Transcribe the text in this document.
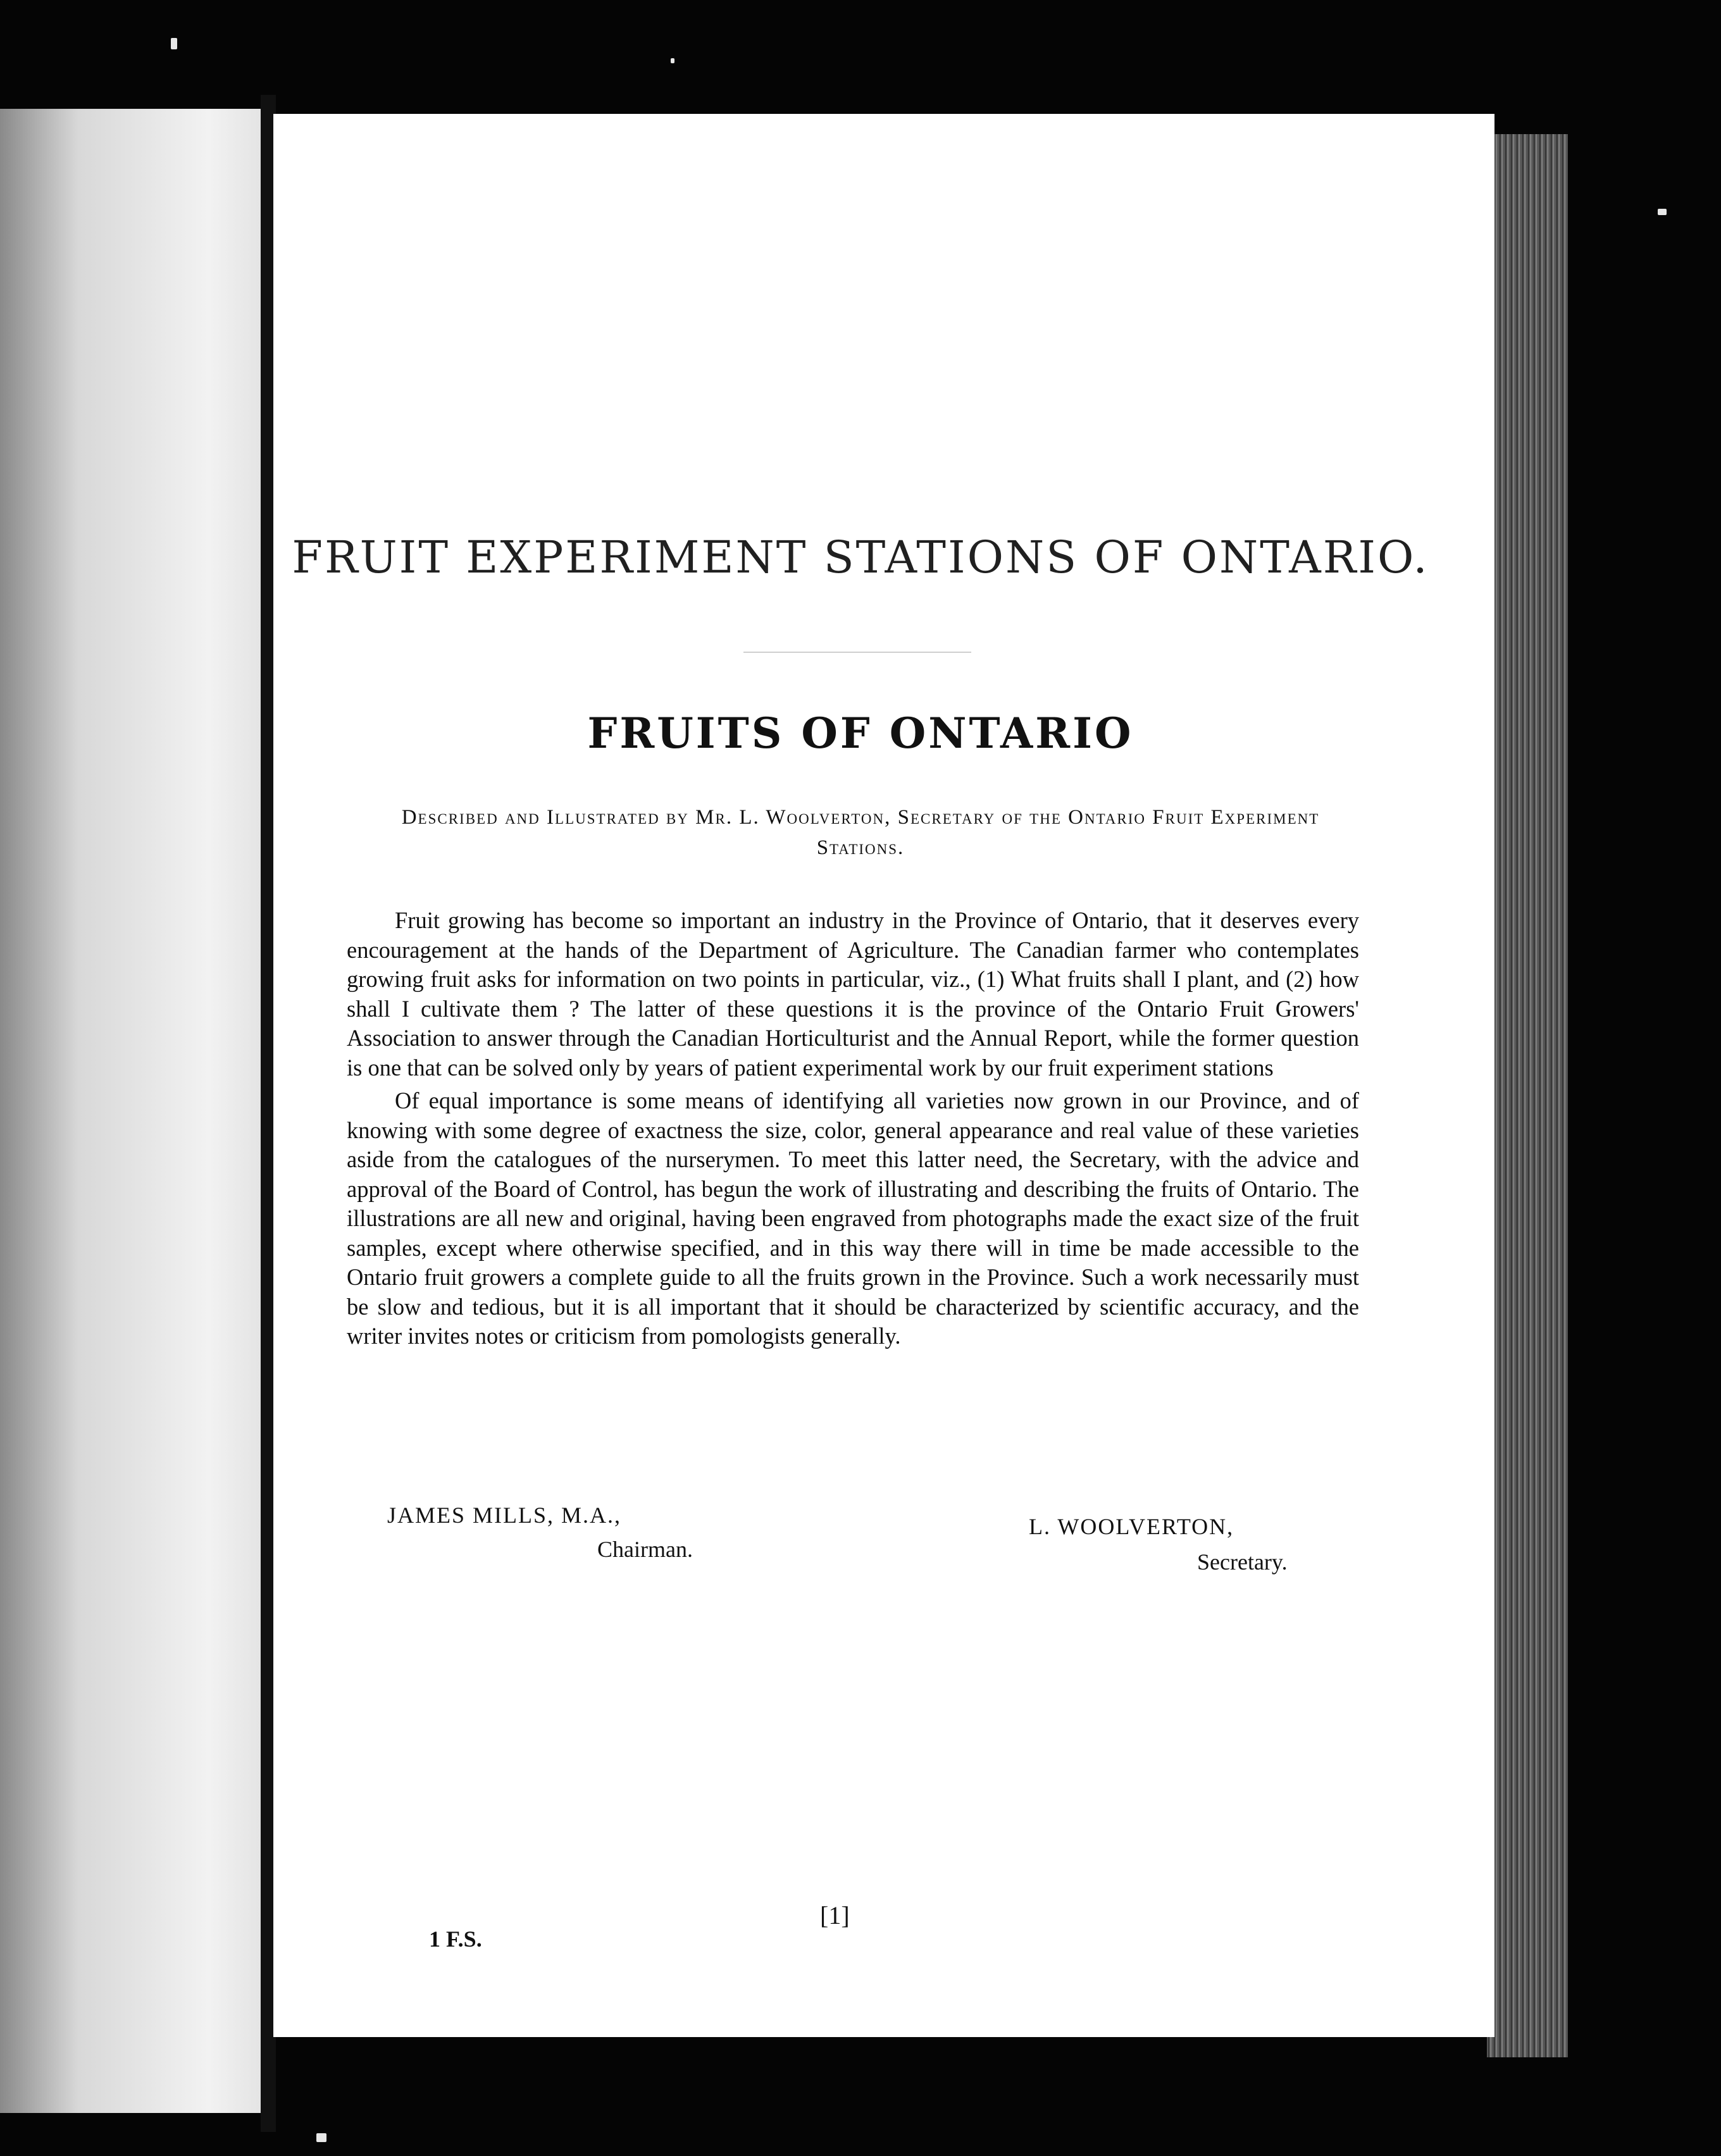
FRUIT EXPERIMENT STATIONS OF ONTARIO.
FRUITS OF ONTARIO
Described and Illustrated by Mr. L. Woolverton, Secretary of the Ontario Fruit Experiment Stations.

Fruit growing has become so important an industry in the Province of Ontario, that it deserves every encouragement at the hands of the Department of Agriculture. The Canadian farmer who contemplates growing fruit asks for information on two points in particular, viz., (1) What fruits shall I plant, and (2) how shall I cultivate them ? The latter of these questions it is the province of the Ontario Fruit Growers' Association to answer through the Canadian Horticulturist and the Annual Report, while the former question is one that can be solved only by years of patient experimental work by our fruit experiment stations

Of equal importance is some means of identifying all varieties now grown in our Province, and of knowing with some degree of exactness the size, color, general appearance and real value of these varieties aside from the catalogues of the nurserymen. To meet this latter need, the Secretary, with the advice and approval of the Board of Control, has begun the work of illustrating and describing the fruits of Ontario. The illustrations are all new and original, having been engraved from photographs made the exact size of the fruit samples, except where otherwise specified, and in this way there will in time be made accessible to the Ontario fruit growers a complete guide to all the fruits grown in the Province. Such a work necessarily must be slow and tedious, but it is all important that it should be characterized by scientific accuracy, and the writer invites notes or criticism from pomologists generally.

JAMES MILLS, M.A.,
Chairman.
L. WOOLVERTON,
Secretary.
[1]
1 F.S.
